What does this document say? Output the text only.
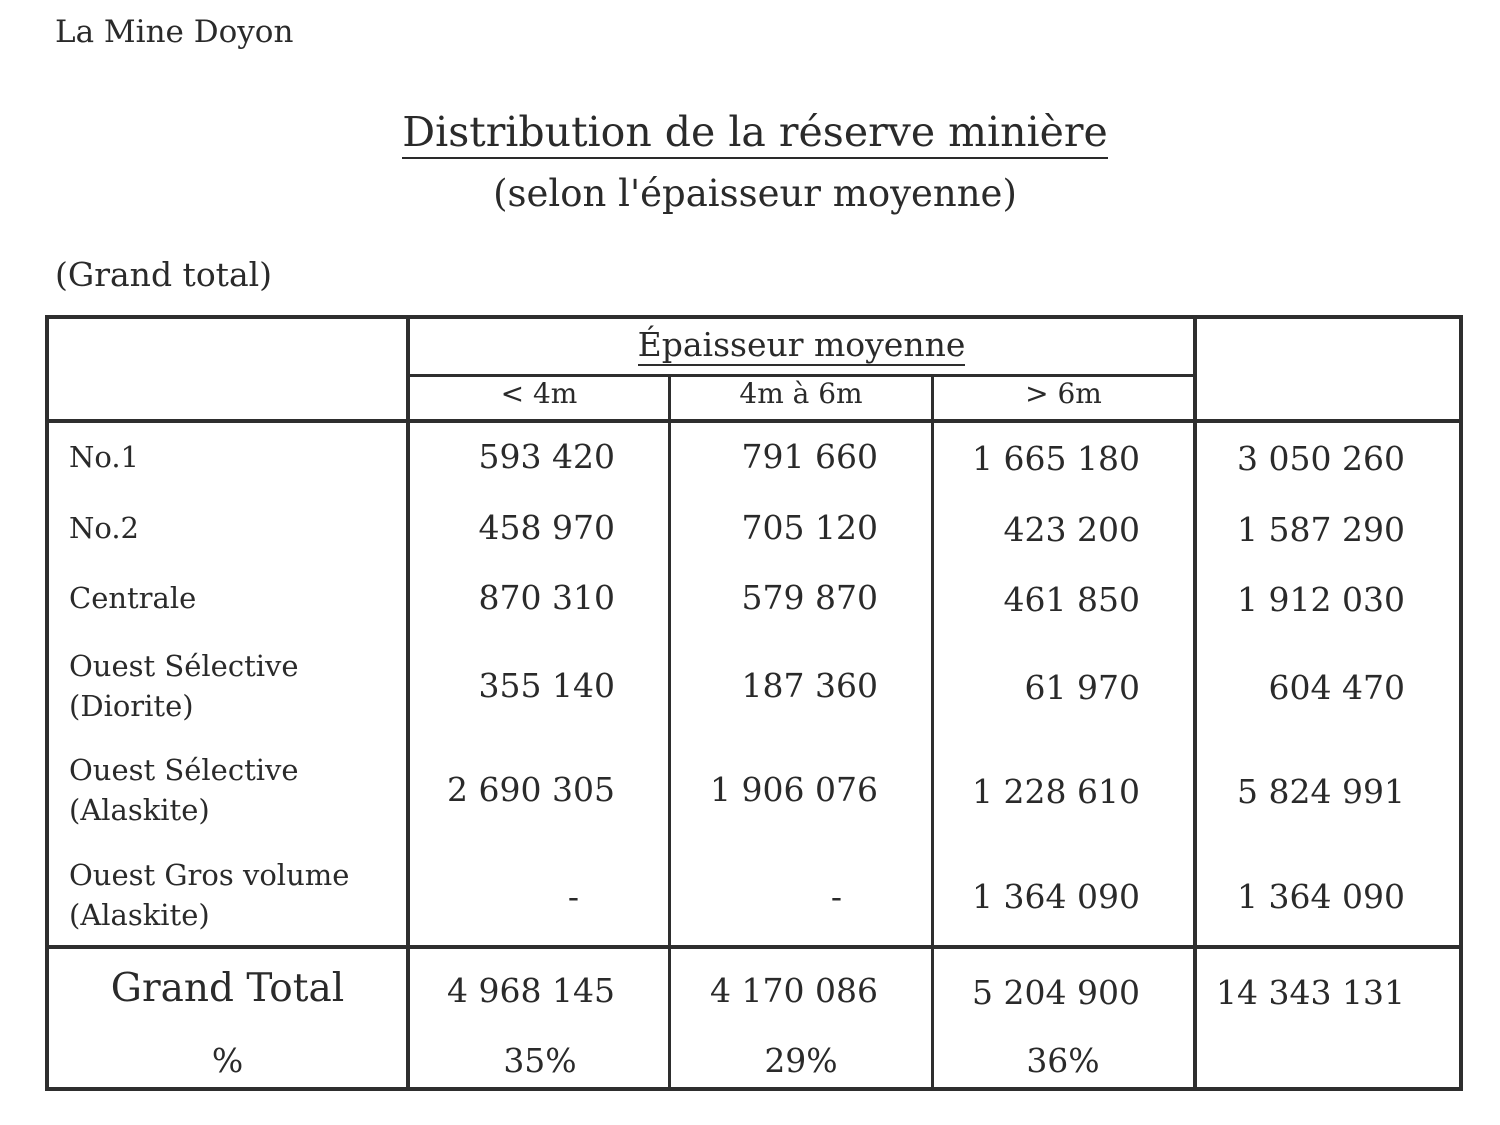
La Mine Doyon
Distribution de la réserve minière
(selon l'épaisseur moyenne)
(Grand total)
Épaisseur moyenne
< 4m	4m à 6m	> 6m
No.1	593 420	791 660	1 665 180	3 050 260
No.2	458 970	705 120	423 200	1 587 290
Centrale	870 310	579 870	461 850	1 912 030
Ouest Sélective
(Diorite)
355 140	187 360	61 970	604 470
Ouest Sélective
(Alaskite)
2 690 305	1 906 076	1 228 610	5 824 991
Ouest Gros volume
(Alaskite)	-	-	1 364 090	1 364 090
Grand Total	4 968 145	4 170 086	5 204 900	14 343 131
%	35%	29%	36%
